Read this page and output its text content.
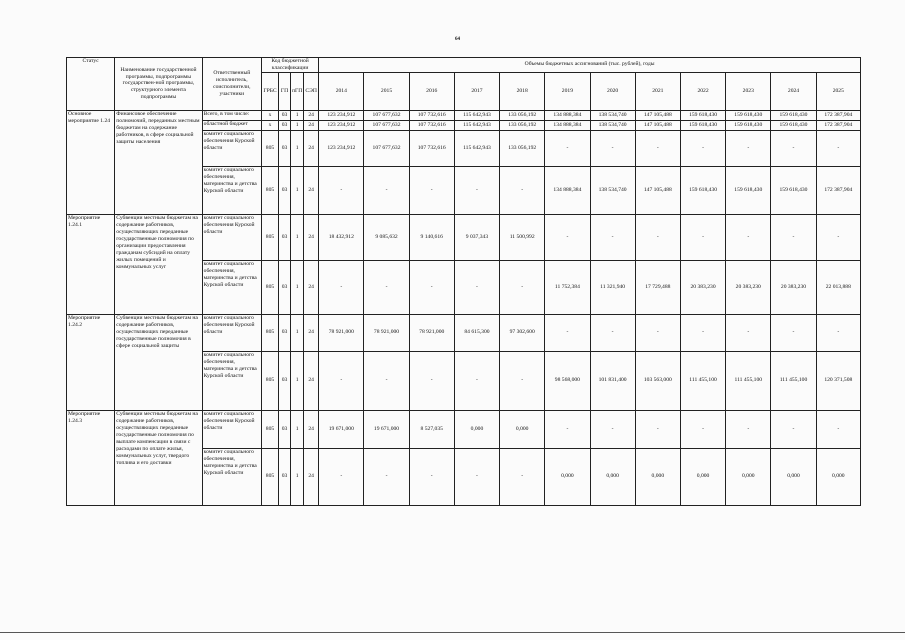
64
Статус	Наименование государственной программы, подпрограммы государствен-ной программы, структурного элемента подпрограммы	Ответственный исполнитель, соисполнители, участники	Код бюджетной классификации				Объемы бюджетных ассигнований (тыс. рублей), годы											
			ГРБС	ГП	пГП	СЭП	2014	2015	2016	2017	2018	2019	2020	2021	2022	2023	2024	2025
Основное мероприятие 1.24	Финансовое обеспечение полномочий, переданных местным бюджетам на содержание работников, в сфере социальной защиты населения	Всего, в том числе:	х	03	1	24	123 234,912	107 677,632	107 732,616	115 642,943	133 056,192	134 888,384	138 534,740	147 105,488	159 618,430	159 618,430	159 618,430	172 387,904
		областной бюджет	х	03	1	24	123 234,912	107 677,632	107 732,616	115 642,943	133 056,192	134 888,384	138 534,740	147 105,488	159 618,430	159 618,430	159 618,430	172 387,904
		комитет социального обеспечения Курской области	805	03	1	24	123 234,912	107 677,632	107 732,616	115 642,943	133 056,192	-	-	-	-	-	-	-
		комитет социального обеспечения, материнства и детства Курской области	805	03	1	24	-	-	-	-	-	134 888,384	138 534,740	147 105,488	159 618,430	159 618,430	159 618,430	172 387,904
Мероприятие 1.24.1	Субвенции местным бюджетам на содержание работников, осуществляющих переданные государственные полномочия по организации предоставления гражданам субсидий на оплату жилых помещений и коммунальных услуг	комитет социального обеспечения Курской области	805	03	1	24	18 432,912	9 085,632	9 140,616	9 037,343	11 500,992	-	-	-	-	-	-	-
		комитет социального обеспечения, материнства и детства Курской области	805	03	1	24	-	-	-	-	-	11 752,384	11 321,940	17 729,488	20 383,230	20 383,230	20 383,230	22 013,888
Мероприятие 1.24.2	Субвенции местным бюджетам на содержание работников, осуществляющих переданные государственные полномочия в сфере социальной защиты	комитет социального обеспечения Курской области	805	03	1	24	78 921,000	78 921,000	78 921,000	84 615,300	97 302,600	-	-	-	-	-	-	-
		комитет социального обеспечения, материнства и детства Курской области	805	03	1	24	-	-	-	-	-	98 568,000	101 831,400	103 563,000	111 455,100	111 455,100	111 455,100	120 371,508
Мероприятие 1.24.3	Субвенции местным бюджетам на содержание работников, осуществляющих переданные государственные полномочия по выплате компенсации в связи с расходами по оплате жилья, коммунальных услуг, твердого топлива и его доставки	комитет социального обеспечения Курской области	805	03	1	24	19 671,000	19 671,000	8 527,035	0,000	0,000	-	-	-	-	-	-	-
		комитет социального обеспечения, материнства и детства Курской области	805	03	1	24	-	-	-	-	-	0,000	0,000	0,000	0,000	0,000	0,000	0,000
